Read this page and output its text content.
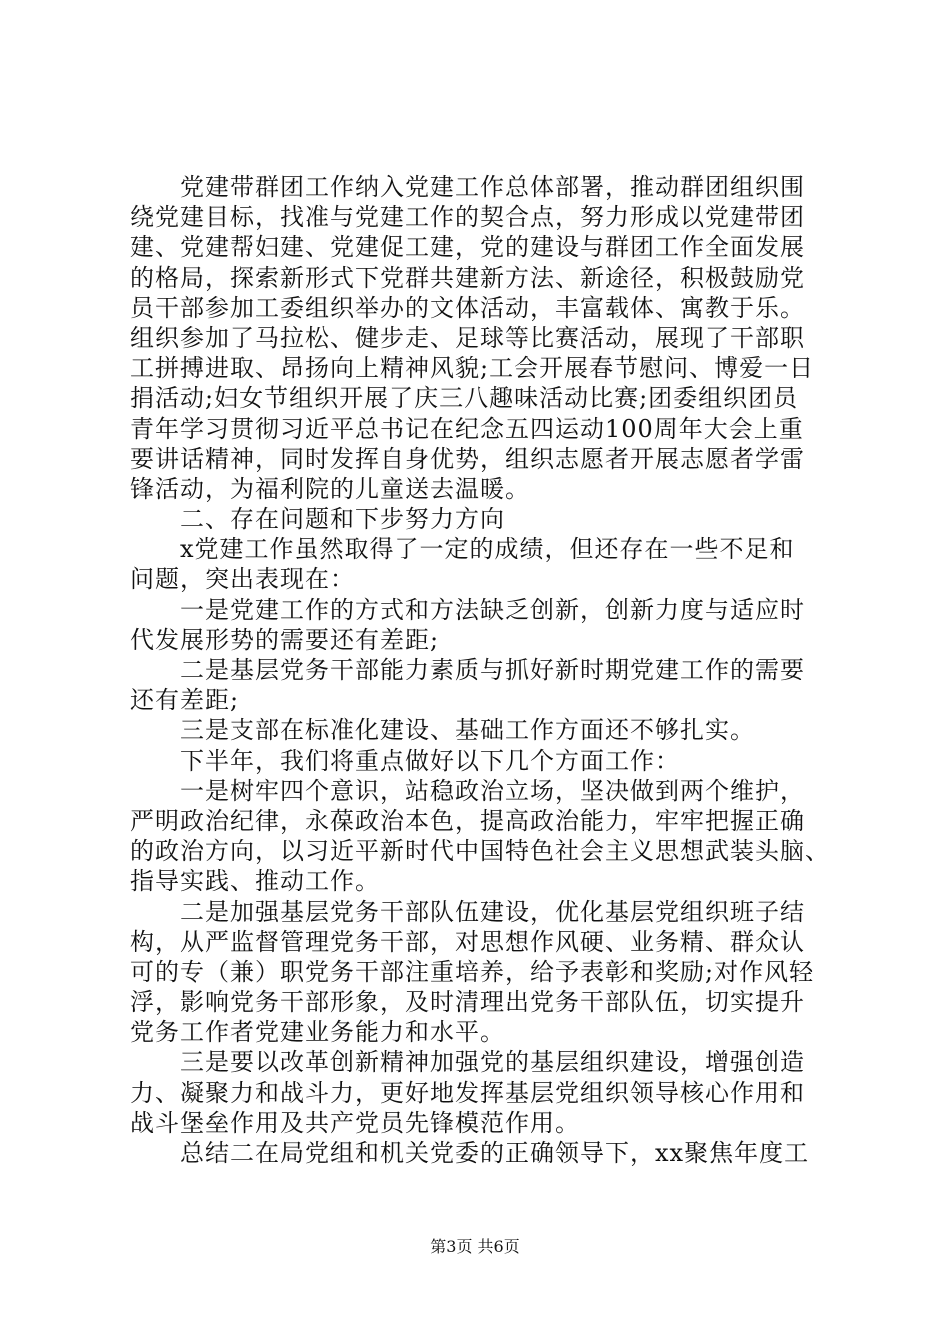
党建带群团工作纳入党建工作总体部署，推动群团组织围
绕党建目标，找准与党建工作的契合点，努力形成以党建带团
建、党建帮妇建、党建促工建，党的建设与群团工作全面发展
的格局，探索新形式下党群共建新方法、新途径，积极鼓励党
员干部参加工委组织举办的文体活动，丰富载体、寓教于乐。
组织参加了马拉松、健步走、足球等比赛活动，展现了干部职
工拼搏进取、昂扬向上精神风貌;工会开展春节慰问、博爱一日
捐活动;妇女节组织开展了庆三八趣味活动比赛;团委组织团员
青年学习贯彻习近平总书记在纪念五四运动100周年大会上重
要讲话精神，同时发挥自身优势，组织志愿者开展志愿者学雷
锋活动，为福利院的儿童送去温暖。
二、存在问题和下步努力方向
x党建工作虽然取得了一定的成绩，但还存在一些不足和
问题，突出表现在：
一是党建工作的方式和方法缺乏创新，创新力度与适应时
代发展形势的需要还有差距;
二是基层党务干部能力素质与抓好新时期党建工作的需要
还有差距;
三是支部在标准化建设、基础工作方面还不够扎实。
下半年，我们将重点做好以下几个方面工作：
一是树牢四个意识，站稳政治立场，坚决做到两个维护，
严明政治纪律，永葆政治本色，提高政治能力，牢牢把握正确
的政治方向，以习近平新时代中国特色社会主义思想武装头脑、
指导实践、推动工作。
二是加强基层党务干部队伍建设，优化基层党组织班子结
构，从严监督管理党务干部，对思想作风硬、业务精、群众认
可的专（兼）职党务干部注重培养，给予表彰和奖励;对作风轻
浮，影响党务干部形象，及时清理出党务干部队伍，切实提升
党务工作者党建业务能力和水平。
三是要以改革创新精神加强党的基层组织建设，增强创造
力、凝聚力和战斗力，更好地发挥基层党组织领导核心作用和
战斗堡垒作用及共产党员先锋模范作用。
总结二在局党组和机关党委的正确领导下，xx聚焦年度工
第3页 共6页
